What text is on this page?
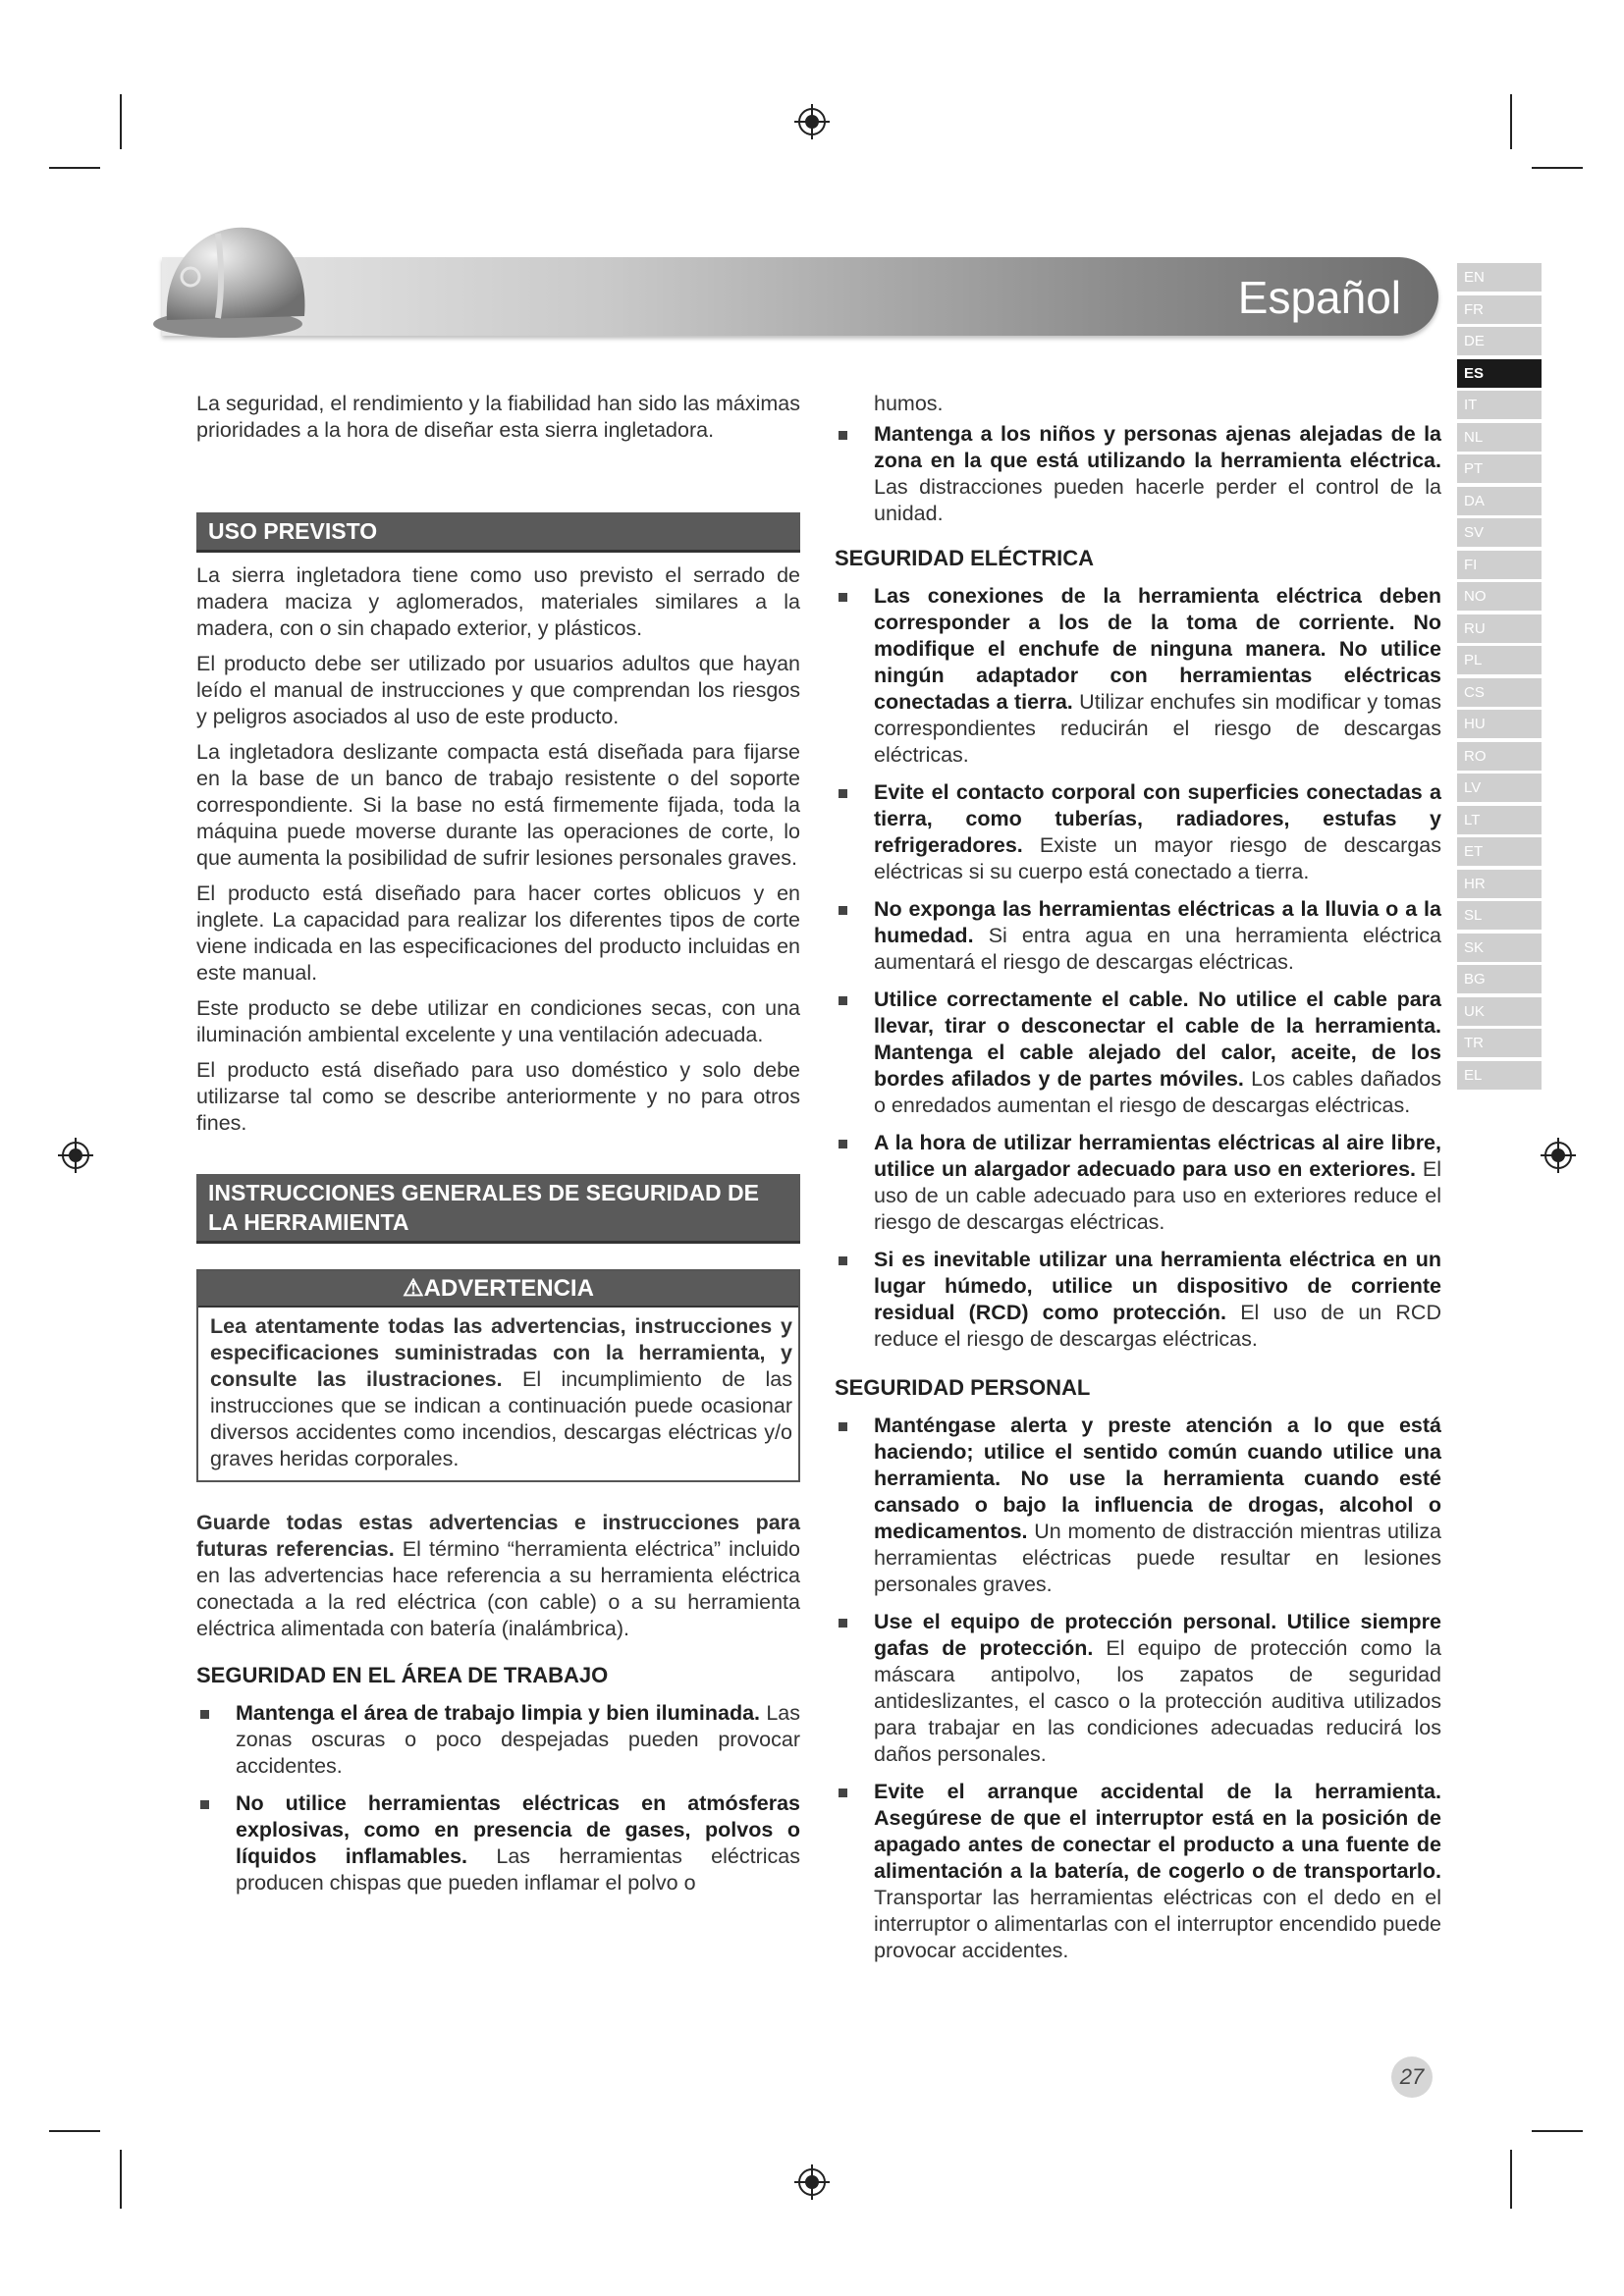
Español	EN
FR
DE
ES
IT
NL
PT
DA
SV
FI
NO
RU
PL
CS
HU
RO
LV
LT
ET
HR
SL
SK
BG
UK
TR
EL

La seguridad, el rendimiento y la fiabilidad han sido las máximas prioridades a la hora de diseñar esta sierra ingletadora.

USO PREVISTO

La sierra ingletadora tiene como uso previsto el serrado de madera maciza y aglomerados, materiales similares a la madera, con o sin chapado exterior, y plásticos.

El producto debe ser utilizado por usuarios adultos que hayan leído el manual de instrucciones y que comprendan los riesgos y peligros asociados al uso de este producto.

La ingletadora deslizante compacta está diseñada para fijarse en la base de un banco de trabajo resistente o del soporte correspondiente. Si la base no está firmemente fijada, toda la máquina puede moverse durante las operaciones de corte, lo que aumenta la posibilidad de sufrir lesiones personales graves.

El producto está diseñado para hacer cortes oblicuos y en inglete. La capacidad para realizar los diferentes tipos de corte viene indicada en las especificaciones del producto incluidas en este manual.

Este producto se debe utilizar en condiciones secas, con una iluminación ambiental excelente y una ventilación adecuada.

El producto está diseñado para uso doméstico y solo debe utilizarse tal como se describe anteriormente y no para otros fines.

INSTRUCCIONES GENERALES DE SEGURIDAD DE LA HERRAMIENTA
⚠ADVERTENCIA

Lea atentamente todas las advertencias, instrucciones y especificaciones suministradas con la herramienta, y consulte las ilustraciones. El incumplimiento de las instrucciones que se indican a continuación puede ocasionar diversos accidentes como incendios, descargas eléctricas y/o graves heridas corporales.

Guarde todas estas advertencias e instrucciones para futuras referencias. El término “herramienta eléctrica” incluido en las advertencias hace referencia a su herramienta eléctrica conectada a la red eléctrica (con cable) o a su herramienta eléctrica alimentada con batería (inalámbrica).

SEGURIDAD EN EL ÁREA DE TRABAJO
Mantenga el área de trabajo limpia y bien iluminada. Las zonas oscuras o poco despejadas pueden provocar accidentes.
No utilice herramientas eléctricas en atmósferas explosivas, como en presencia de gases, polvos o líquidos inflamables. Las herramientas eléctricas producen chispas que pueden inflamar el polvo o

humos.

Mantenga a los niños y personas ajenas alejadas de la zona en la que está utilizando la herramienta eléctrica. Las distracciones pueden hacerle perder el control de la unidad.
SEGURIDAD ELÉCTRICA
Las conexiones de la herramienta eléctrica deben corresponder a los de la toma de corriente. No modifique el enchufe de ninguna manera. No utilice ningún adaptador con herramientas eléctricas conectadas a tierra. Utilizar enchufes sin modificar y tomas correspondientes reducirán el riesgo de descargas eléctricas.
Evite el contacto corporal con superficies conectadas a tierra, como tuberías, radiadores, estufas y refrigeradores. Existe un mayor riesgo de descargas eléctricas si su cuerpo está conectado a tierra.
No exponga las herramientas eléctricas a la lluvia o a la humedad. Si entra agua en una herramienta eléctrica aumentará el riesgo de descargas eléctricas.
Utilice correctamente el cable. No utilice el cable para llevar, tirar o desconectar el cable de la herramienta. Mantenga el cable alejado del calor, aceite, de los bordes afilados y de partes móviles. Los cables dañados o enredados aumentan el riesgo de descargas eléctricas.
A la hora de utilizar herramientas eléctricas al aire libre, utilice un alargador adecuado para uso en exteriores. El uso de un cable adecuado para uso en exteriores reduce el riesgo de descargas eléctricas.
Si es inevitable utilizar una herramienta eléctrica en un lugar húmedo, utilice un dispositivo de corriente residual (RCD) como protección. El uso de un RCD reduce el riesgo de descargas eléctricas.
SEGURIDAD PERSONAL
Manténgase alerta y preste atención a lo que está haciendo; utilice el sentido común cuando utilice una herramienta. No use la herramienta cuando esté cansado o bajo la influencia de drogas, alcohol o medicamentos. Un momento de distracción mientras utiliza herramientas eléctricas puede resultar en lesiones personales graves.
Use el equipo de protección personal. Utilice siempre gafas de protección. El equipo de protección como la máscara antipolvo, los zapatos de seguridad antideslizantes, el casco o la protección auditiva utilizados para trabajar en las condiciones adecuadas reducirá los daños personales.
Evite el arranque accidental de la herramienta. Asegúrese de que el interruptor está en la posición de apagado antes de conectar el producto a una fuente de alimentación a la batería, de cogerlo o de transportarlo. Transportar las herramientas eléctricas con el dedo en el interruptor o alimentarlas con el interruptor encendido puede provocar accidentes.
27
